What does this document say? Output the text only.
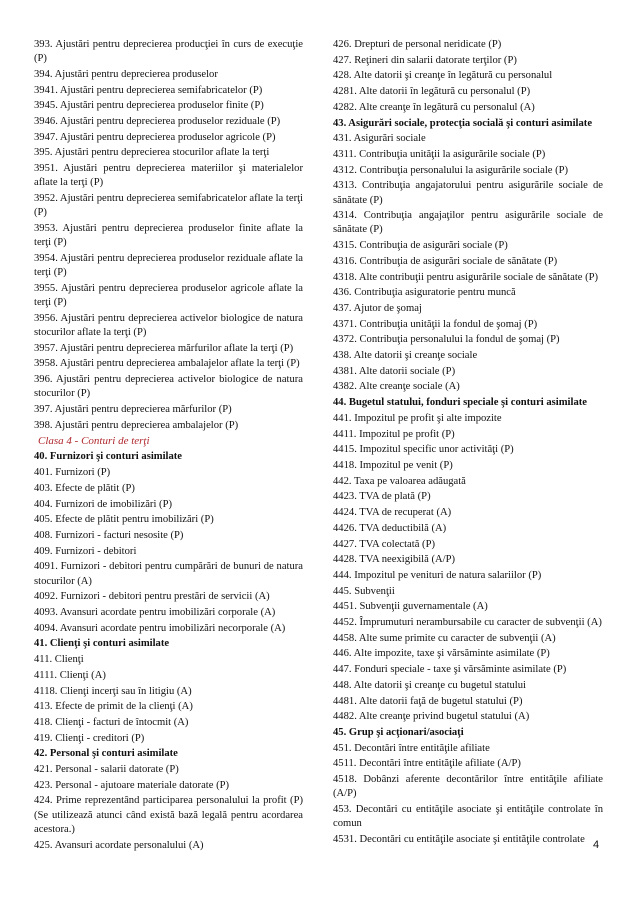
393. Ajustări pentru deprecierea producţiei în curs de execuţie (P)
394. Ajustări pentru deprecierea produselor
3941. Ajustări pentru deprecierea semifabricatelor (P)
3945. Ajustări pentru deprecierea produselor finite (P)
3946. Ajustări pentru deprecierea produselor reziduale (P)
3947. Ajustări pentru deprecierea produselor agricole (P)
395. Ajustări pentru deprecierea stocurilor aflate la terţi
3951. Ajustări pentru deprecierea materiilor şi materialelor aflate la terţi (P)
3952. Ajustări pentru deprecierea semifabricatelor aflate la terţi (P)
3953. Ajustări pentru deprecierea produselor finite aflate la terţi (P)
3954. Ajustări pentru deprecierea produselor reziduale aflate la terţi (P)
3955. Ajustări pentru deprecierea produselor agricole aflate la terţi (P)
3956. Ajustări pentru deprecierea activelor biologice de natura stocurilor aflate la terţi (P)
3957. Ajustări pentru deprecierea mărfurilor aflate la terţi (P)
3958. Ajustări pentru deprecierea ambalajelor aflate la terţi (P)
396. Ajustări pentru deprecierea activelor biologice de natura stocurilor (P)
397. Ajustări pentru deprecierea mărfurilor (P)
398. Ajustări pentru deprecierea ambalajelor (P)
Clasa 4 - Conturi de terţi
40. Furnizori şi conturi asimilate
401. Furnizori (P)
403. Efecte de plătit (P)
404. Furnizori de imobilizări (P)
405. Efecte de plătit pentru imobilizări (P)
408. Furnizori - facturi nesosite (P)
409. Furnizori - debitori
4091. Furnizori - debitori pentru cumpărări de bunuri de natura stocurilor (A)
4092. Furnizori - debitori pentru prestări de servicii (A)
4093. Avansuri acordate pentru imobilizări corporale (A)
4094. Avansuri acordate pentru imobilizări necorporale (A)
41. Clienţi şi conturi asimilate
411. Clienţi
4111. Clienţi (A)
4118. Clienţi incerţi sau în litigiu (A)
413. Efecte de primit de la clienţi (A)
418. Clienţi - facturi de întocmit (A)
419. Clienţi - creditori (P)
42. Personal şi conturi asimilate
421. Personal - salarii datorate (P)
423. Personal - ajutoare materiale datorate (P)
424. Prime reprezentând participarea personalului la profit (P) (Se utilizează atunci când există bază legală pentru acordarea acestora.)
425. Avansuri acordate personalului (A)
426. Drepturi de personal neridicate (P)
427. Reţineri din salarii datorate terţilor (P)
428. Alte datorii şi creanţe în legătură cu personalul
4281. Alte datorii în legătură cu personalul (P)
4282. Alte creanţe în legătură cu personalul (A)
43. Asigurări sociale, protecţia socială şi conturi asimilate
431. Asigurări sociale
4311. Contribuţia unităţii la asigurările sociale (P)
4312. Contribuţia personalului la asigurările sociale (P)
4313. Contribuţia angajatorului pentru asigurările sociale de sănătate (P)
4314. Contribuţia angajaţilor pentru asigurările sociale de sănătate (P)
4315. Contribuţia de asigurări sociale (P)
4316. Contribuţia de asigurări sociale de sănătate (P)
4318. Alte contribuţii pentru asigurările sociale de sănătate (P)
436. Contribuţia asiguratorie pentru muncă
437. Ajutor de şomaj
4371. Contribuţia unităţii la fondul de şomaj (P)
4372. Contribuţia personalului la fondul de şomaj (P)
438. Alte datorii şi creanţe sociale
4381. Alte datorii sociale (P)
4382. Alte creanţe sociale (A)
44. Bugetul statului, fonduri speciale şi conturi asimilate
441. Impozitul pe profit şi alte impozite
4411. Impozitul pe profit (P)
4415. Impozitul specific unor activităţi (P)
4418. Impozitul pe venit (P)
442. Taxa pe valoarea adăugată
4423. TVA de plată (P)
4424. TVA de recuperat (A)
4426. TVA deductibilă (A)
4427. TVA colectată (P)
4428. TVA neexigibilă (A/P)
444. Impozitul pe venituri de natura salariilor (P)
445. Subvenţii
4451. Subvenţii guvernamentale (A)
4452. Împrumuturi nerambursabile cu caracter de subvenţii (A)
4458. Alte sume primite cu caracter de subvenţii (A)
446. Alte impozite, taxe şi vărsăminte asimilate (P)
447. Fonduri speciale - taxe şi vărsăminte asimilate (P)
448. Alte datorii şi creanţe cu bugetul statului
4481. Alte datorii faţă de bugetul statului (P)
4482. Alte creanţe privind bugetul statului (A)
45. Grup şi acţionari/asociaţi
451. Decontări între entităţile afiliate
4511. Decontări între entităţile afiliate (A/P)
4518. Dobânzi aferente decontărilor între entităţile afiliate (A/P)
453. Decontări cu entităţile asociate şi entităţile controlate în comun
4531. Decontări cu entităţile asociate şi entităţile controlate 4
